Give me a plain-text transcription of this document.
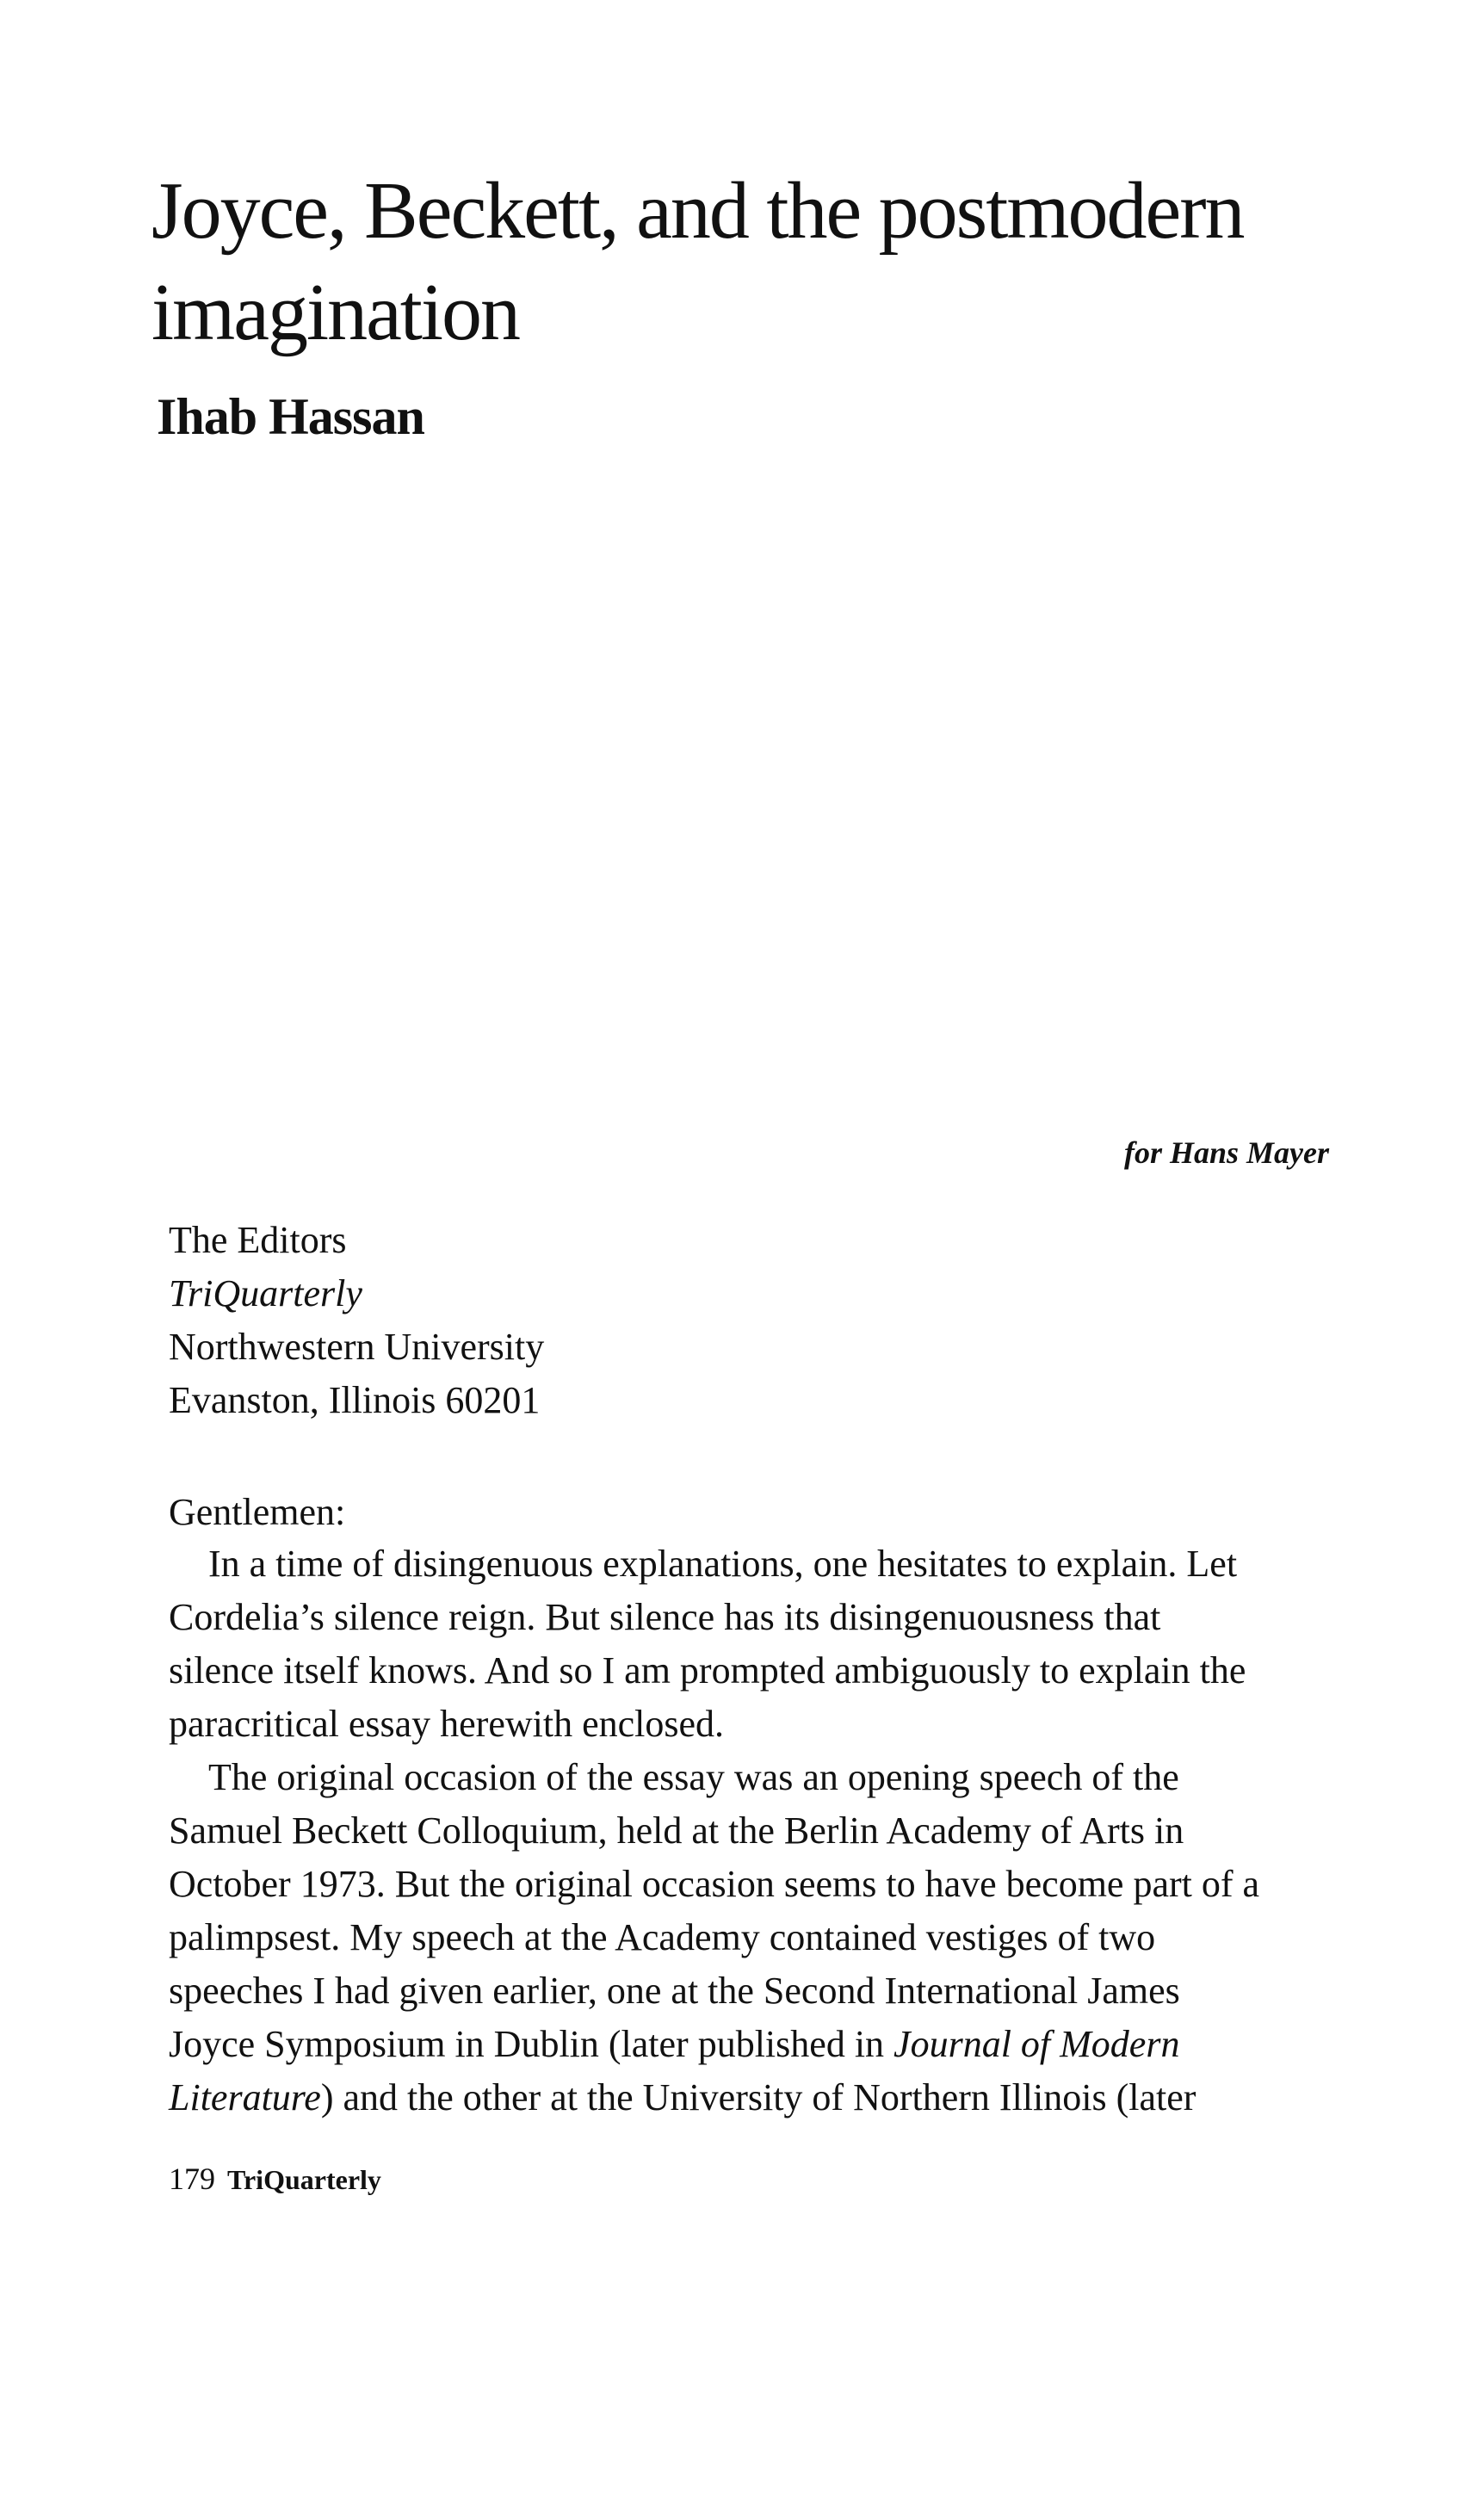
Joyce, Beckett, and the postmodern
imagination
Ihab Hassan

for Hans Mayer

The Editors
TriQuarterly
Northwestern University
Evanston, Illinois 60201
Gentlemen:
In a time of disingenuous explanations, one hesitates to explain. Let
Cordelia’s silence reign. But silence has its disingenuousness that
silence itself knows. And so I am prompted ambiguously to explain the
paracritical essay herewith enclosed.
The original occasion of the essay was an opening speech of the
Samuel Beckett Colloquium, held at the Berlin Academy of Arts in
October 1973. But the original occasion seems to have become part of a
palimpsest. My speech at the Academy contained vestiges of two
speeches I had given earlier, one at the Second International James
Joyce Symposium in Dublin (later published in Journal of Modern
Literature) and the other at the University of Northern Illinois (later
179 TriQuarterly
